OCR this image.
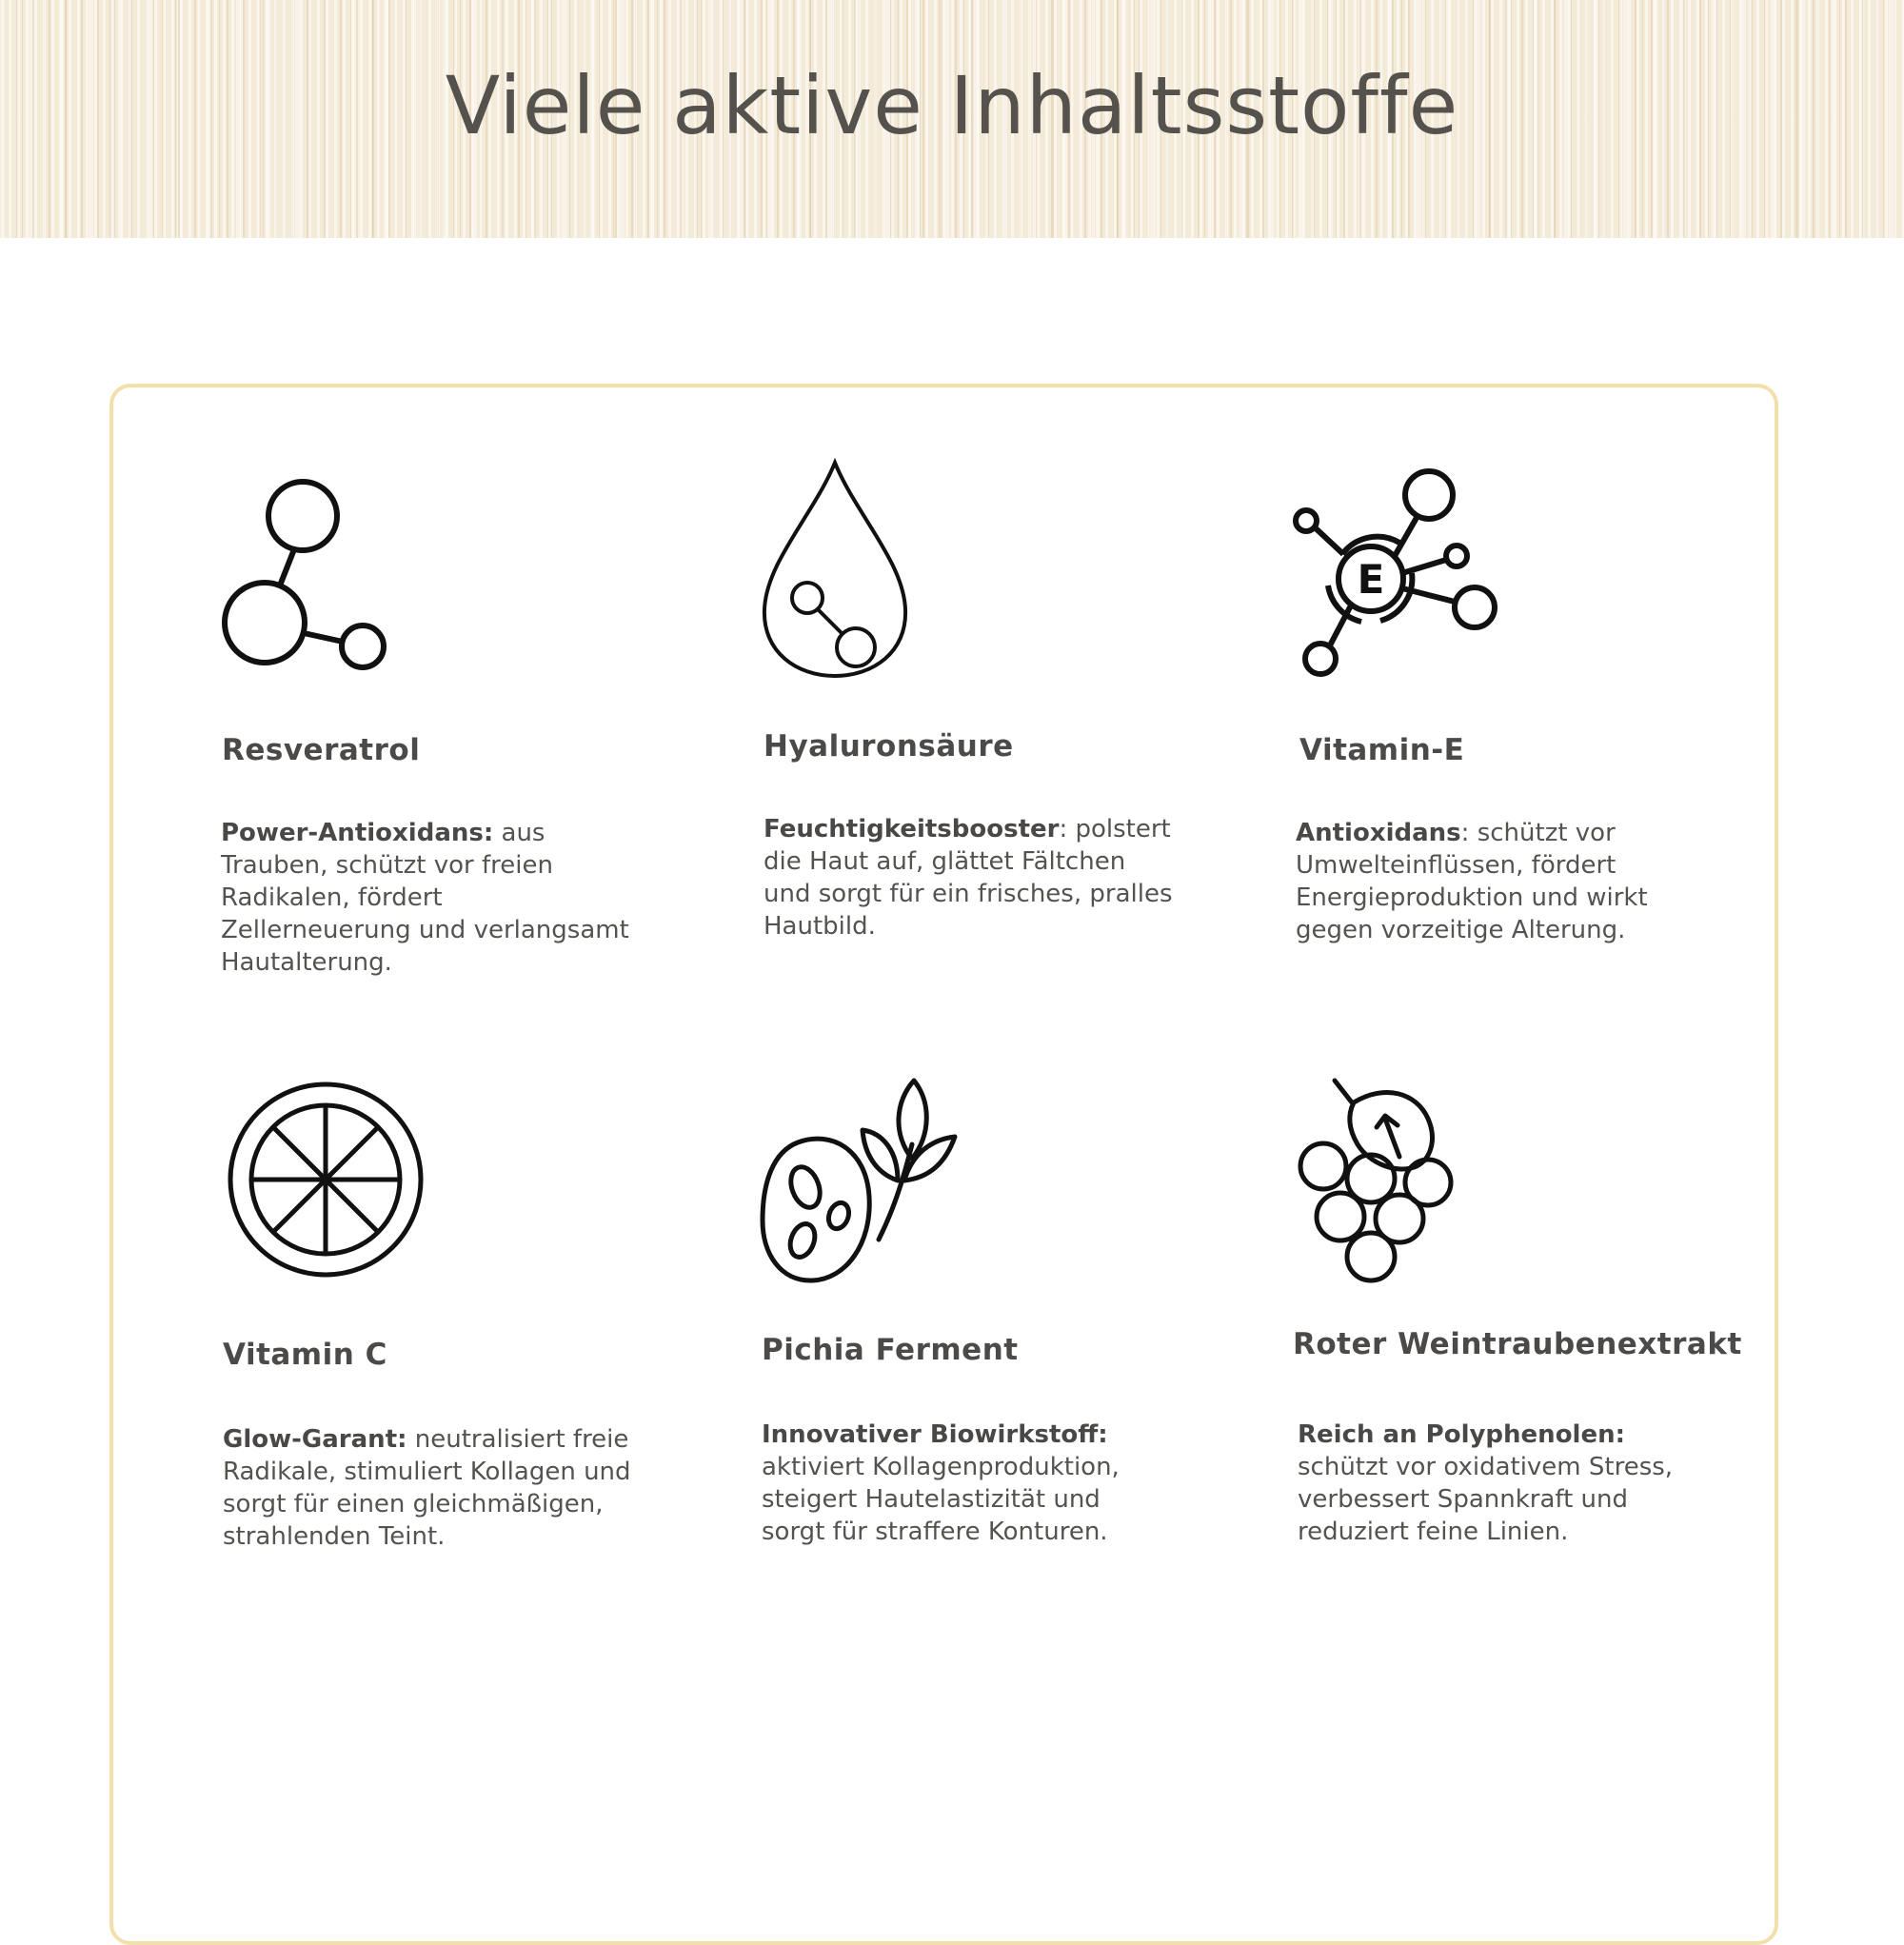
Viele aktive Inhaltsstoffe
Resveratrol
Power-Antioxidans: aus Trauben, schützt vor freien Radikalen, fördert Zellerneuerung und verlangsamt Hautalterung.
Hyaluronsäure
Feuchtigkeitsbooster: polstert die Haut auf, glättet Fältchen und sorgt für ein frisches, pralles Hautbild.
E
Vitamin-E
Antioxidans: schützt vor Umwelteinflüssen, fördert Energieproduktion und wirkt gegen vorzeitige Alterung.
Vitamin C
Glow-Garant: neutralisiert freie Radikale, stimuliert Kollagen und sorgt für einen gleichmäßigen, strahlenden Teint.
Pichia Ferment
Innovativer Biowirkstoff: aktiviert Kollagenproduktion, steigert Hautelastizität und sorgt für straffere Konturen.
Roter Weintraubenextrakt
Reich an Polyphenolen: schützt vor oxidativem Stress, verbessert Spannkraft und reduziert feine Linien.
